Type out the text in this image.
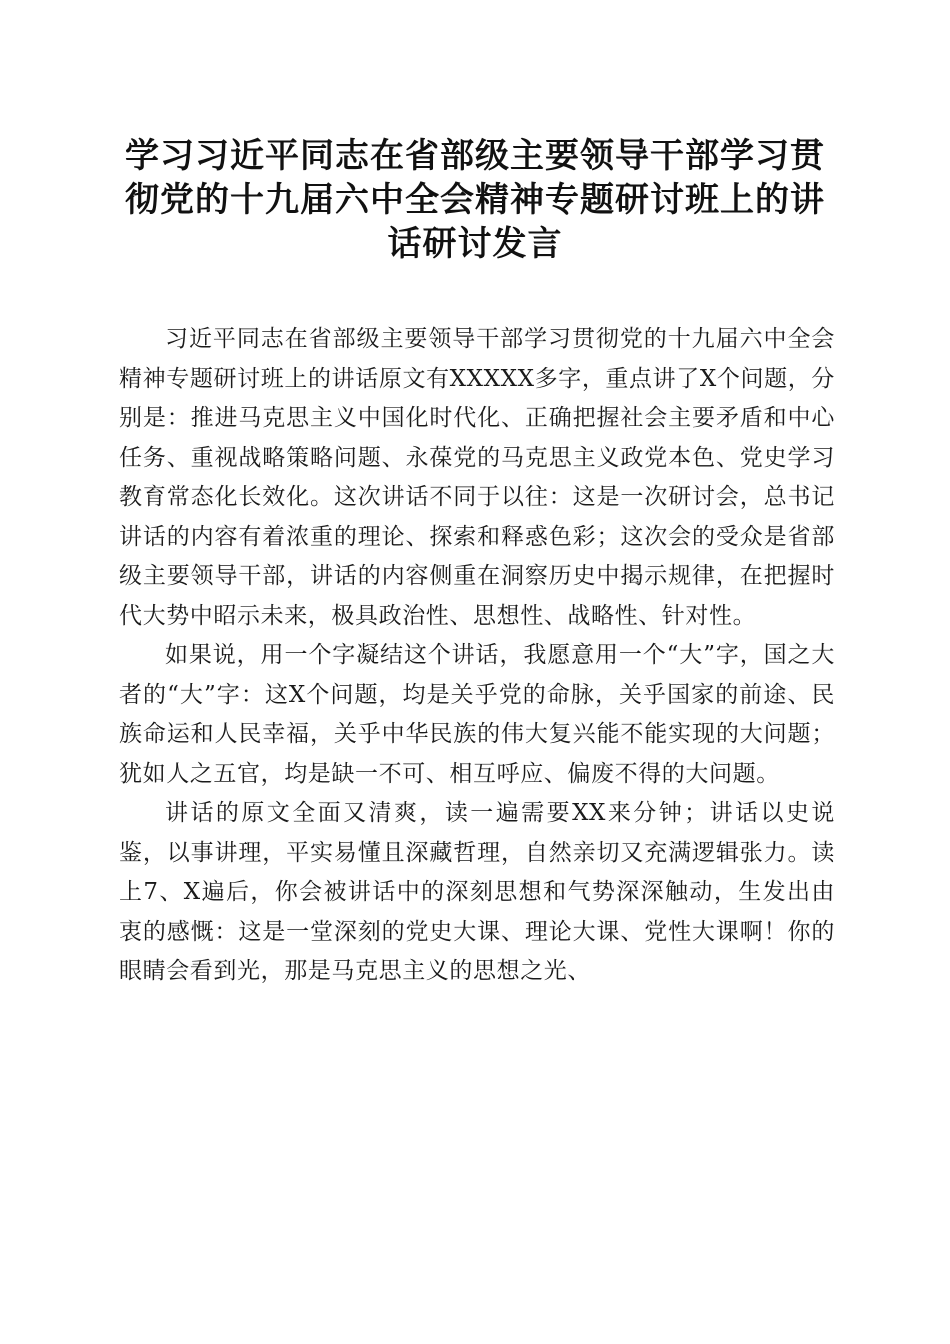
学习习近平同志在省部级主要领导干部学习贯彻党的十九届六中全会精神专题研讨班上的讲话研讨发言

习近平同志在省部级主要领导干部学习贯彻党的十九届六中全会精神专题研讨班上的讲话原文有XXXXX多字，重点讲了X个问题，分别是：推进马克思主义中国化时代化、正确把握社会主要矛盾和中心任务、重视战略策略问题、永葆党的马克思主义政党本色、党史学习教育常态化长效化。这次讲话不同于以往：这是一次研讨会，总书记讲话的内容有着浓重的理论、探索和释惑色彩；这次会的受众是省部级主要领导干部，讲话的内容侧重在洞察历史中揭示规律，在把握时代大势中昭示未来，极具政治性、思想性、战略性、针对性。

如果说，用一个字凝结这个讲话，我愿意用一个“大”字，国之大者的“大”字：这X个问题，均是关乎党的命脉，关乎国家的前途、民族命运和人民幸福，关乎中华民族的伟大复兴能不能实现的大问题；犹如人之五官，均是缺一不可、相互呼应、偏废不得的大问题。

讲话的原文全面又清爽，读一遍需要XX来分钟；讲话以史说鉴，以事讲理，平实易懂且深藏哲理，自然亲切又充满逻辑张力。读上7、X遍后，你会被讲话中的深刻思想和气势深深触动，生发出由衷的感慨：这是一堂深刻的党史大课、理论大课、党性大课啊！你的眼睛会看到光，那是马克思主义的思想之光、
